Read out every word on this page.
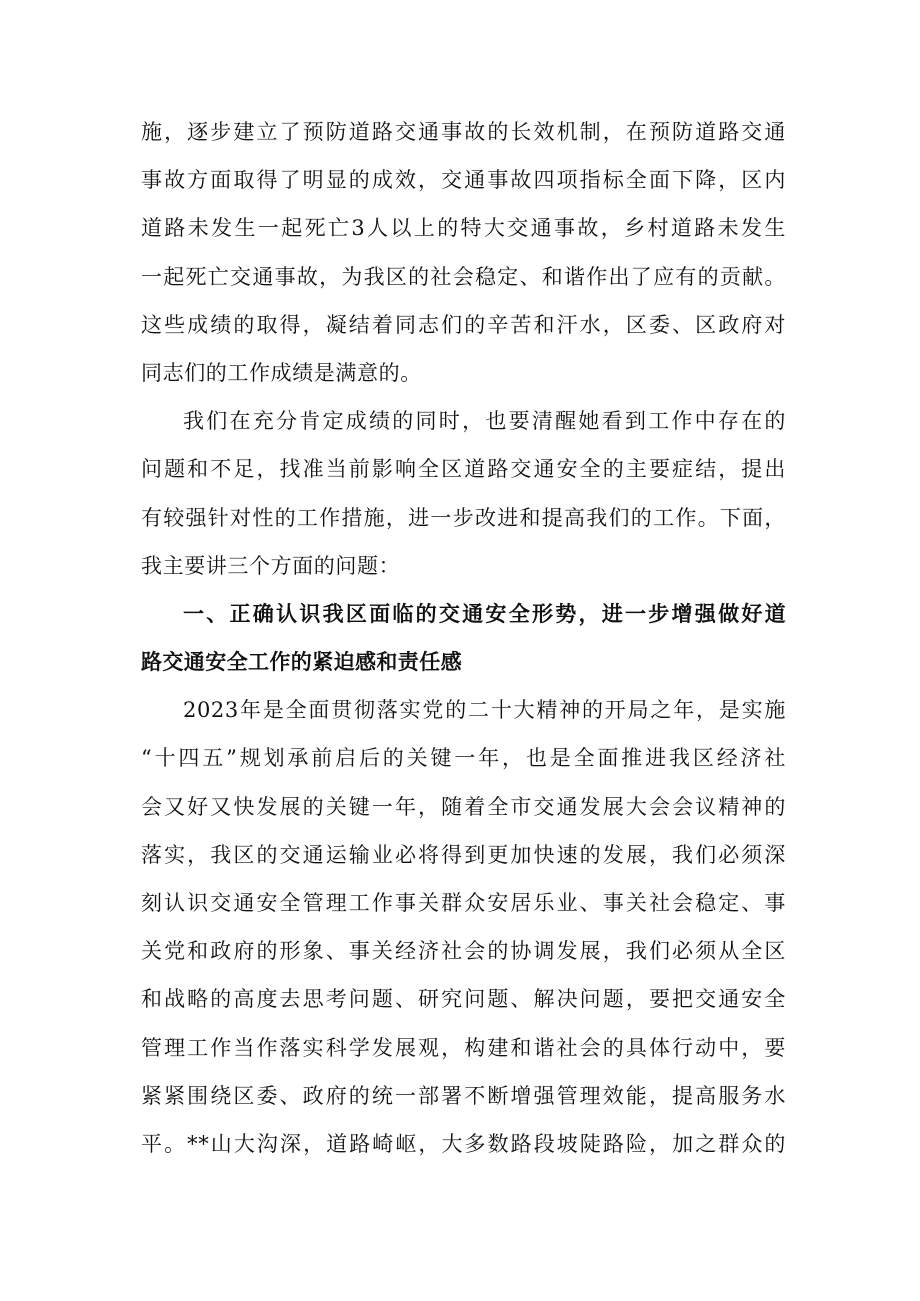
施，逐步建立了预防道路交通事故的长效机制，在预防道路交通
事故方面取得了明显的成效，交通事故四项指标全面下降，区内
道路未发生一起死亡3人以上的特大交通事故，乡村道路未发生
一起死亡交通事故，为我区的社会稳定、和谐作出了应有的贡献。
这些成绩的取得，凝结着同志们的辛苦和汗水，区委、区政府对
同志们的工作成绩是满意的。
我们在充分肯定成绩的同时，也要清醒她看到工作中存在的
问题和不足，找准当前影响全区道路交通安全的主要症结，提出
有较强针对性的工作措施，进一步改进和提高我们的工作。下面，
我主要讲三个方面的问题：
一、正确认识我区面临的交通安全形势，进一步增强做好道
路交通安全工作的紧迫感和责任感
2023年是全面贯彻落实党的二十大精神的开局之年，是实施
“十四五”规划承前启后的关键一年，也是全面推进我区经济社
会又好又快发展的关键一年，随着全市交通发展大会会议精神的
落实，我区的交通运输业必将得到更加快速的发展，我们必须深
刻认识交通安全管理工作事关群众安居乐业、事关社会稳定、事
关党和政府的形象、事关经济社会的协调发展，我们必须从全区
和战略的高度去思考问题、研究问题、解决问题，要把交通安全
管理工作当作落实科学发展观，构建和谐社会的具体行动中，要
紧紧围绕区委、政府的统一部署不断增强管理效能，提高服务水
平。**山大沟深，道路崎岖，大多数路段坡陡路险，加之群众的
